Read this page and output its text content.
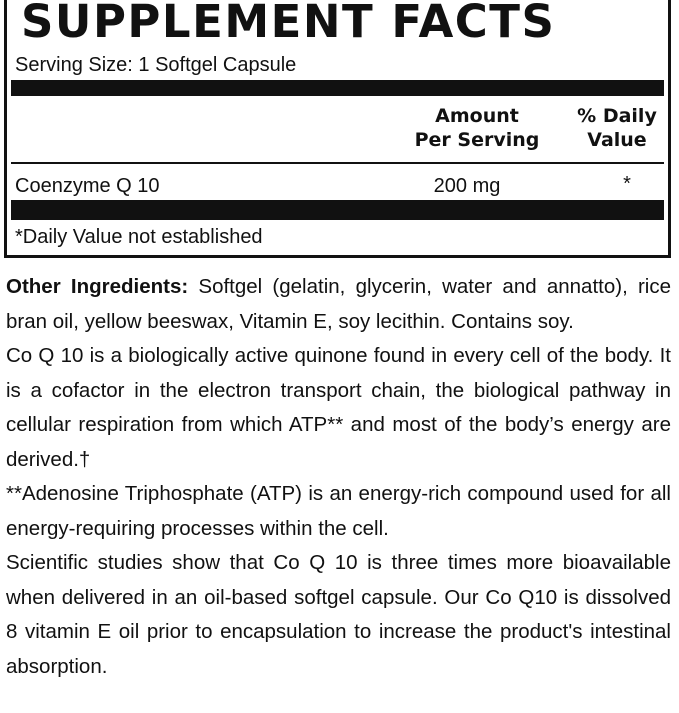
SUPPLEMENT FACTS
Serving Size: 1 Softgel Capsule
Amount
Per Serving
% Daily
Value
Coenzyme Q 10	200 mg	*
*Daily Value not established

Other Ingredients: Softgel (gelatin, glycerin, water and annatto), rice bran oil, yellow beeswax, Vitamin E, soy lecithin. Contains soy.

Co Q 10 is a biologically active quinone found in every cell of the body. It is a cofactor in the electron transport chain, the biological pathway in cellular respiration from which ATP** and most of the body’s energy are derived.†

**Adenosine Triphosphate (ATP) is an energy-rich compound used for all energy-requiring processes within the cell.

Scientific studies show that Co Q 10 is three times more bioavailable when delivered in an oil-based softgel capsule. Our Co Q10 is dissolved 8 vitamin E oil prior to encapsulation to increase the product's intestinal absorption.
